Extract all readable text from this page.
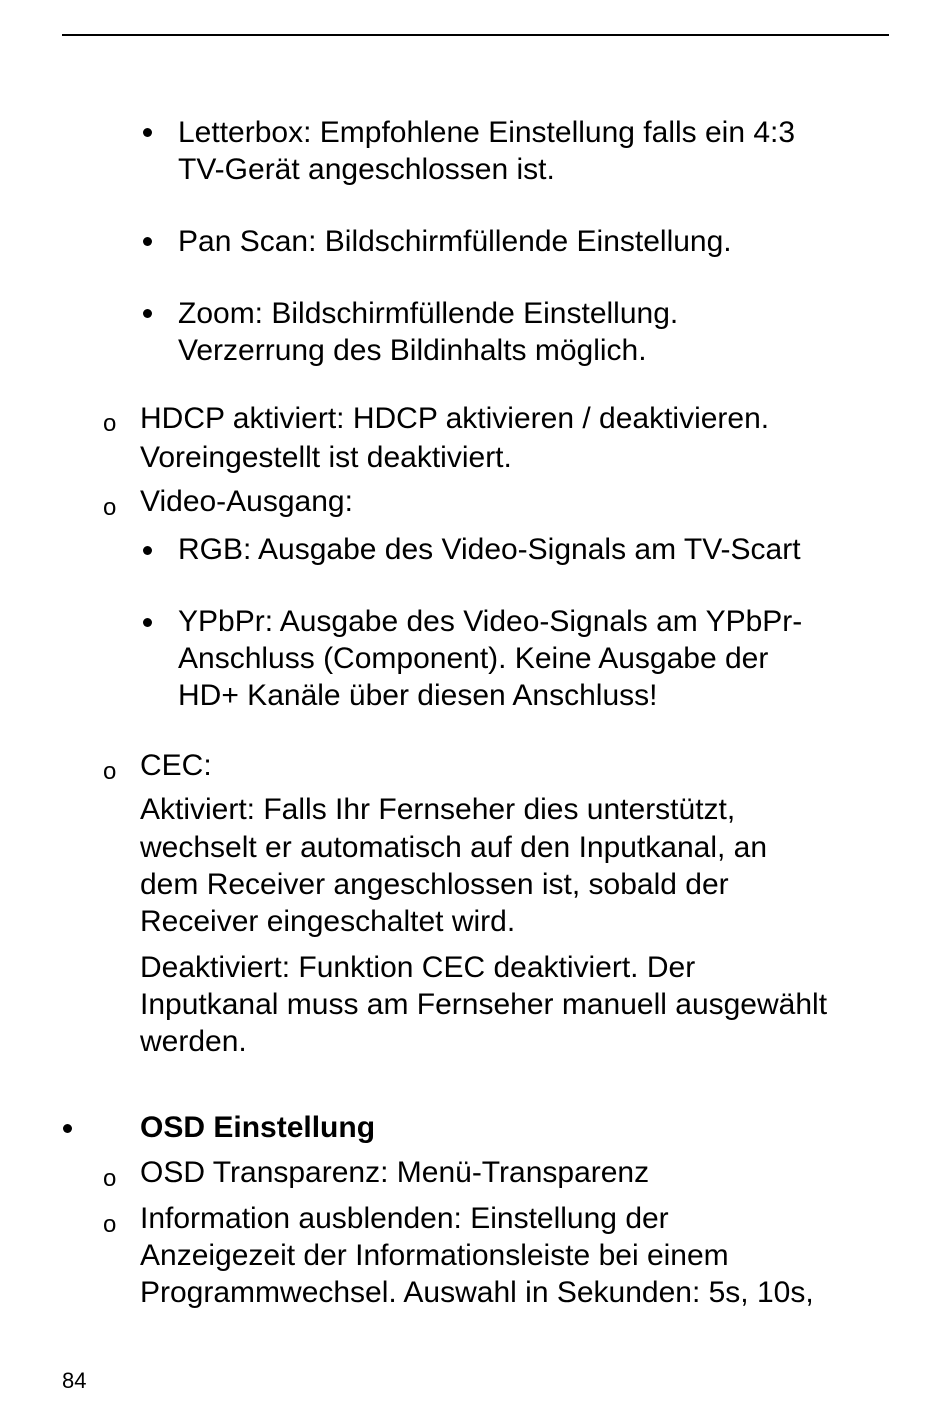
Letterbox: Empfohlene Einstellung falls ein 4:3
TV-Gerät angeschlossen ist.
Pan Scan: Bildschirmfüllende Einstellung.
Zoom: Bildschirmfüllende Einstellung.
Verzerrung des Bildinhalts möglich.
o HDCP aktiviert: HDCP aktivieren / deaktivieren.
Voreingestellt ist deaktiviert.
o Video-Ausgang:
RGB: Ausgabe des Video-Signals am TV-Scart
YPbPr: Ausgabe des Video-Signals am YPbPr-
Anschluss (Component). Keine Ausgabe der
HD+ Kanäle über diesen Anschluss!
o CEC:
Aktiviert: Falls Ihr Fernseher dies unterstützt,
wechselt er automatisch auf den Inputkanal, an
dem Receiver angeschlossen ist, sobald der
Receiver eingeschaltet wird.
Deaktiviert: Funktion CEC deaktiviert. Der
Inputkanal muss am Fernseher manuell ausgewählt
werden.
OSD Einstellung
o OSD Transparenz: Menü-Transparenz
o Information ausblenden: Einstellung der
Anzeigezeit der Informationsleiste bei einem
Programmwechsel. Auswahl in Sekunden: 5s, 10s,
84
